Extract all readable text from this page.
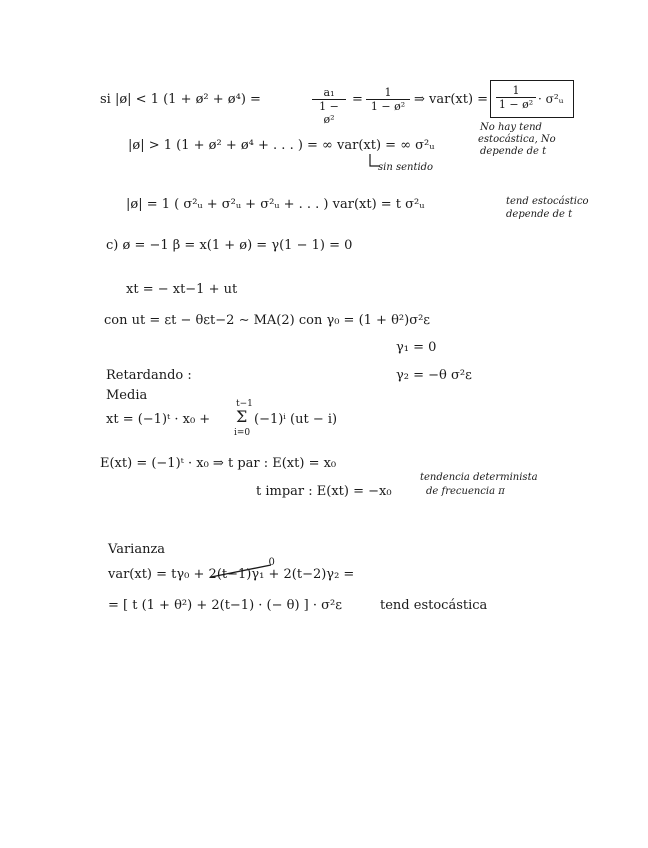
si |ø| < 1 (1 + ø² + ø⁴) =	$\frac{\text{a₁}}{\text{1 − ø²}} = \frac{1}{\text{1 − ø²}}$ ⇒ $var(xt) = \frac{1}{\text{1 − ø²}}$ · σ²ᵤ
No hay tend
estocástica, No
depende de t
|ø| > 1 (1 + ø² + ø⁴ + . . . ) = ∞ var(xt) = ∞ σ²ᵤ
sin sentido
|ø| = 1 ( σ²ᵤ + σ²ᵤ + σ²ᵤ + . . . ) var(xt) = t σ²ᵤ	tend estocástico
depende de t
c) ø = −1 β = x(1 + ø) = γ(1 − 1) = 0
xt = − xt−1 + ut
con ut = εt − θεt−2 ∼ MA(2) con γ₀ = (1 + θ²)σ²ε
γ₁ = 0
Retardando :	γ₂ = −θ σ²ε
Media
xt = (−1)ᵗ · x₀ +
t−1
Σ
i=0
(−1)ⁱ (ut − i)
E(xt) = (−1)ᵗ · x₀ ⇒ t par : E(xt) = x₀
t impar : E(xt) = −x₀
tendencia determinista
de frecuencia π
Varianza
var(xt) = tγ₀ + 2(t−1)γ₁
0
+ 2(t−2)γ₂ =
= [ t (1 + θ²) + 2(t−1) · (− θ) ] · σ²ε	tend estocástica
